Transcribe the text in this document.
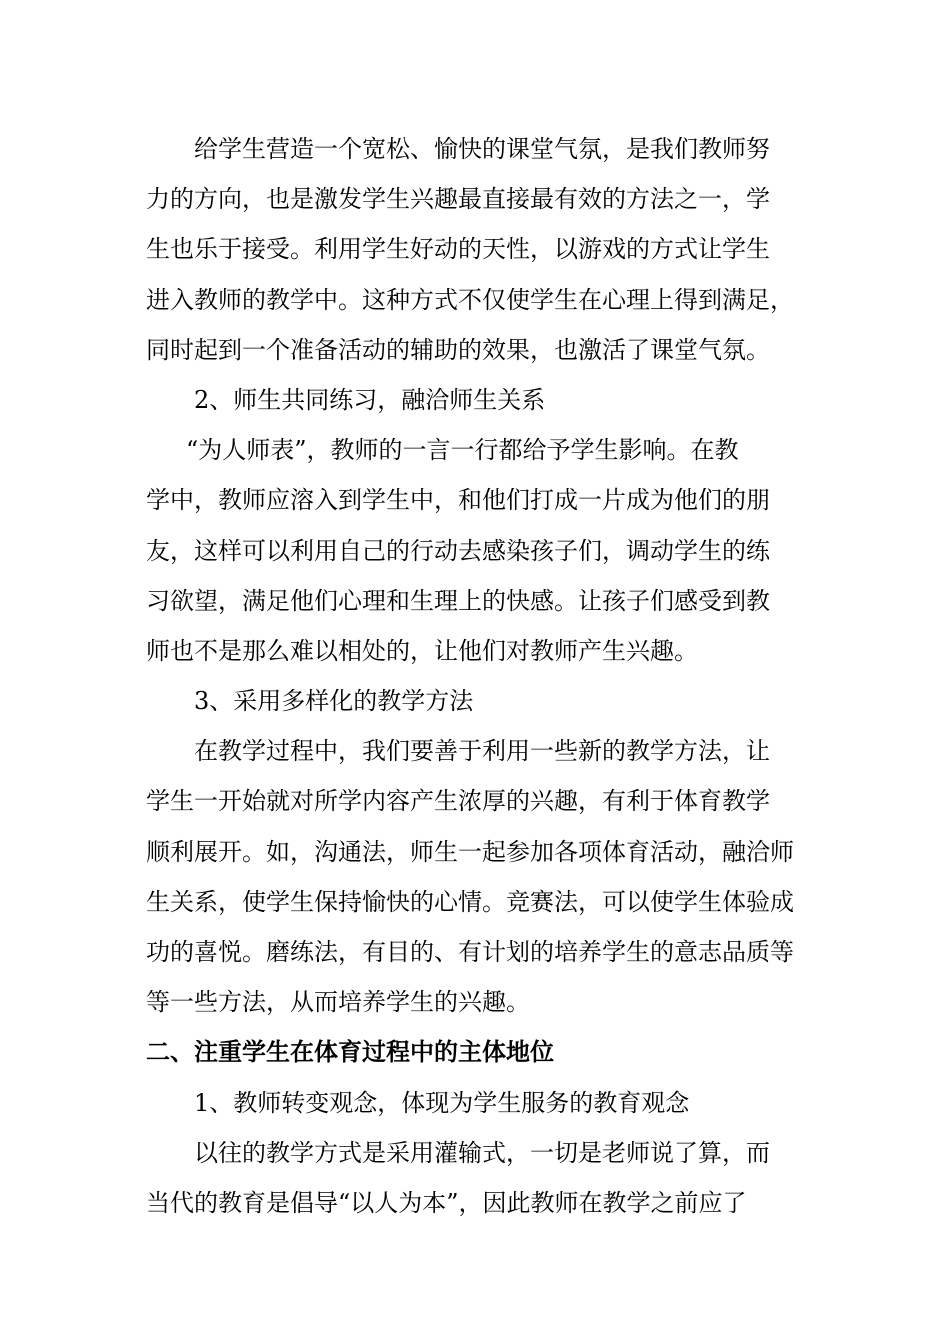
给学生营造一个宽松、愉快的课堂气氛，是我们教师努
力的方向，也是激发学生兴趣最直接最有效的方法之一，学
生也乐于接受。利用学生好动的天性，以游戏的方式让学生
进入教师的教学中。这种方式不仅使学生在心理上得到满足，
同时起到一个准备活动的辅助的效果，也激活了课堂气氛。
2、师生共同练习，融洽师生关系
“为人师表”，教师的一言一行都给予学生影响。在教
学中，教师应溶入到学生中，和他们打成一片成为他们的朋
友，这样可以利用自己的行动去感染孩子们，调动学生的练
习欲望，满足他们心理和生理上的快感。让孩子们感受到教
师也不是那么难以相处的，让他们对教师产生兴趣。
3、采用多样化的教学方法
在教学过程中，我们要善于利用一些新的教学方法，让
学生一开始就对所学内容产生浓厚的兴趣，有利于体育教学
顺利展开。如，沟通法，师生一起参加各项体育活动，融洽师
生关系，使学生保持愉快的心情。竞赛法，可以使学生体验成
功的喜悦。磨练法，有目的、有计划的培养学生的意志品质等
等一些方法，从而培养学生的兴趣。
二、注重学生在体育过程中的主体地位
1、教师转变观念，体现为学生服务的教育观念
以往的教学方式是采用灌输式，一切是老师说了算，而
当代的教育是倡导“以人为本”，因此教师在教学之前应了
